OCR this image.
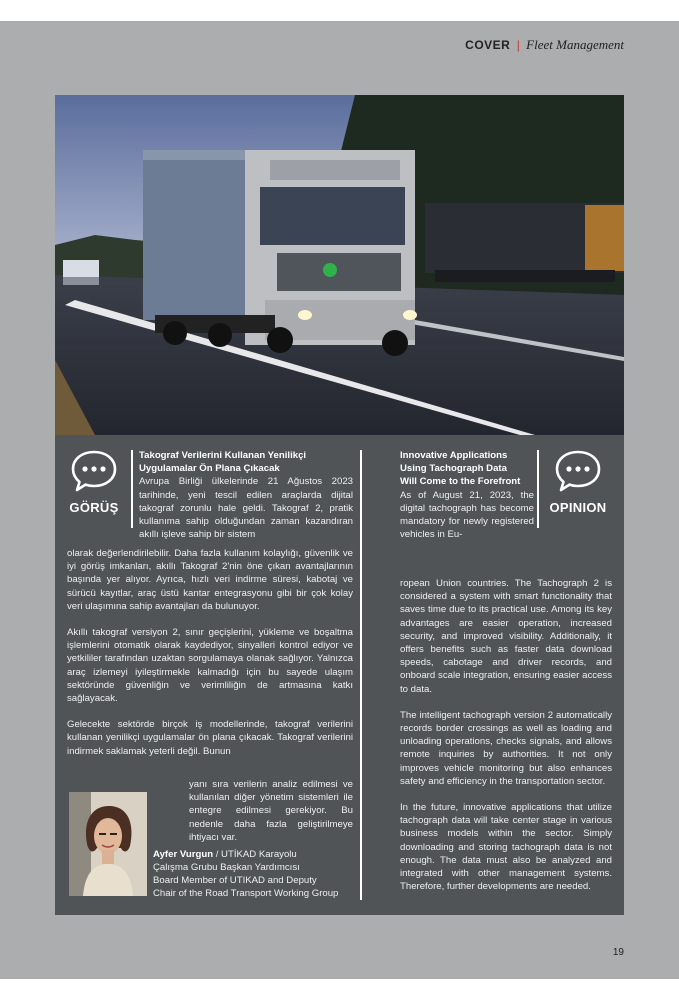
COVER | Fleet Management
GÖRÜŞ
Takograf Verilerini Kullanan Yenilikçi
Uygulamalar Ön Plana Çıkacak

Avrupa Birliği ülkelerinde 21 Ağustos 2023 tarihinde, yeni tescil edilen araçlarda dijital takograf zorunlu hale geldi. Takograf 2, pratik kullanıma sahip olduğundan zaman kazandıran akıllı işleve sahip bir sistem

olarak değerlendirilebilir. Daha fazla kullanım kolaylığı, güvenlik ve iyi görüş imkanları, akıllı Takograf 2'nin öne çıkan avantajlarının başında yer alıyor. Ayrıca, hızlı veri indirme süresi, kabotaj ve sürücü kayıtlar, araç üstü kantar entegrasyonu gibi bir çok kolay veri ulaşımına sahip avantajları da bulunuyor.

Akıllı takograf versiyon 2, sınır geçişlerini, yükleme ve boşaltma işlemlerini otomatik olarak kaydediyor, sinyalleri kontrol ediyor ve yetkililer tarafından uzaktan sorgulamaya olanak sağlıyor. Yalnızca araç izlemeyi iyileştirmekle kalmadığı için bu sayede ulaşım sektöründe güvenliğin ve verimliliğin de artmasına katkı sağlayacak.

Gelecekte sektörde birçok iş modellerinde, takograf verilerini kullanan yenilikçi uygulamalar ön plana çıkacak. Takograf verilerini indirmek saklamak yeterli değil. Bunun

yanı sıra verilerin analiz edilmesi ve kullanılan diğer yönetim sistemleri ile entegre edilmesi gerekiyor. Bu nedenle daha fazla geliştirilmeye ihtiyacı var.

Ayfer Vurgun / UTİKAD Karayolu
Çalışma Grubu Başkan Yardımcısı
Board Member of UTIKAD and Deputy
Chair of the Road Transport Working Group
OPINION
Innovative Applications
Using Tachograph Data
Will Come to the Forefront

As of August 21, 2023, the digital tachograph has become mandatory for newly registered vehicles in Eu-

ropean Union countries. The Tachograph 2 is considered a system with smart functionality that saves time due to its practical use. Among its key advantages are easier operation, increased security, and improved visibility. Additionally, it offers benefits such as faster data download speeds, cabotage and driver records, and onboard scale integration, ensuring easier access to data.

The intelligent tachograph version 2 automatically records border crossings as well as loading and unloading operations, checks signals, and allows remote inquiries by authorities. It not only improves vehicle monitoring but also enhances safety and efficiency in the transportation sector.

In the future, innovative applications that utilize tachograph data will take center stage in various business models within the sector. Simply downloading and storing tachograph data is not enough. The data must also be analyzed and integrated with other management systems. Therefore, further developments are needed.

19
